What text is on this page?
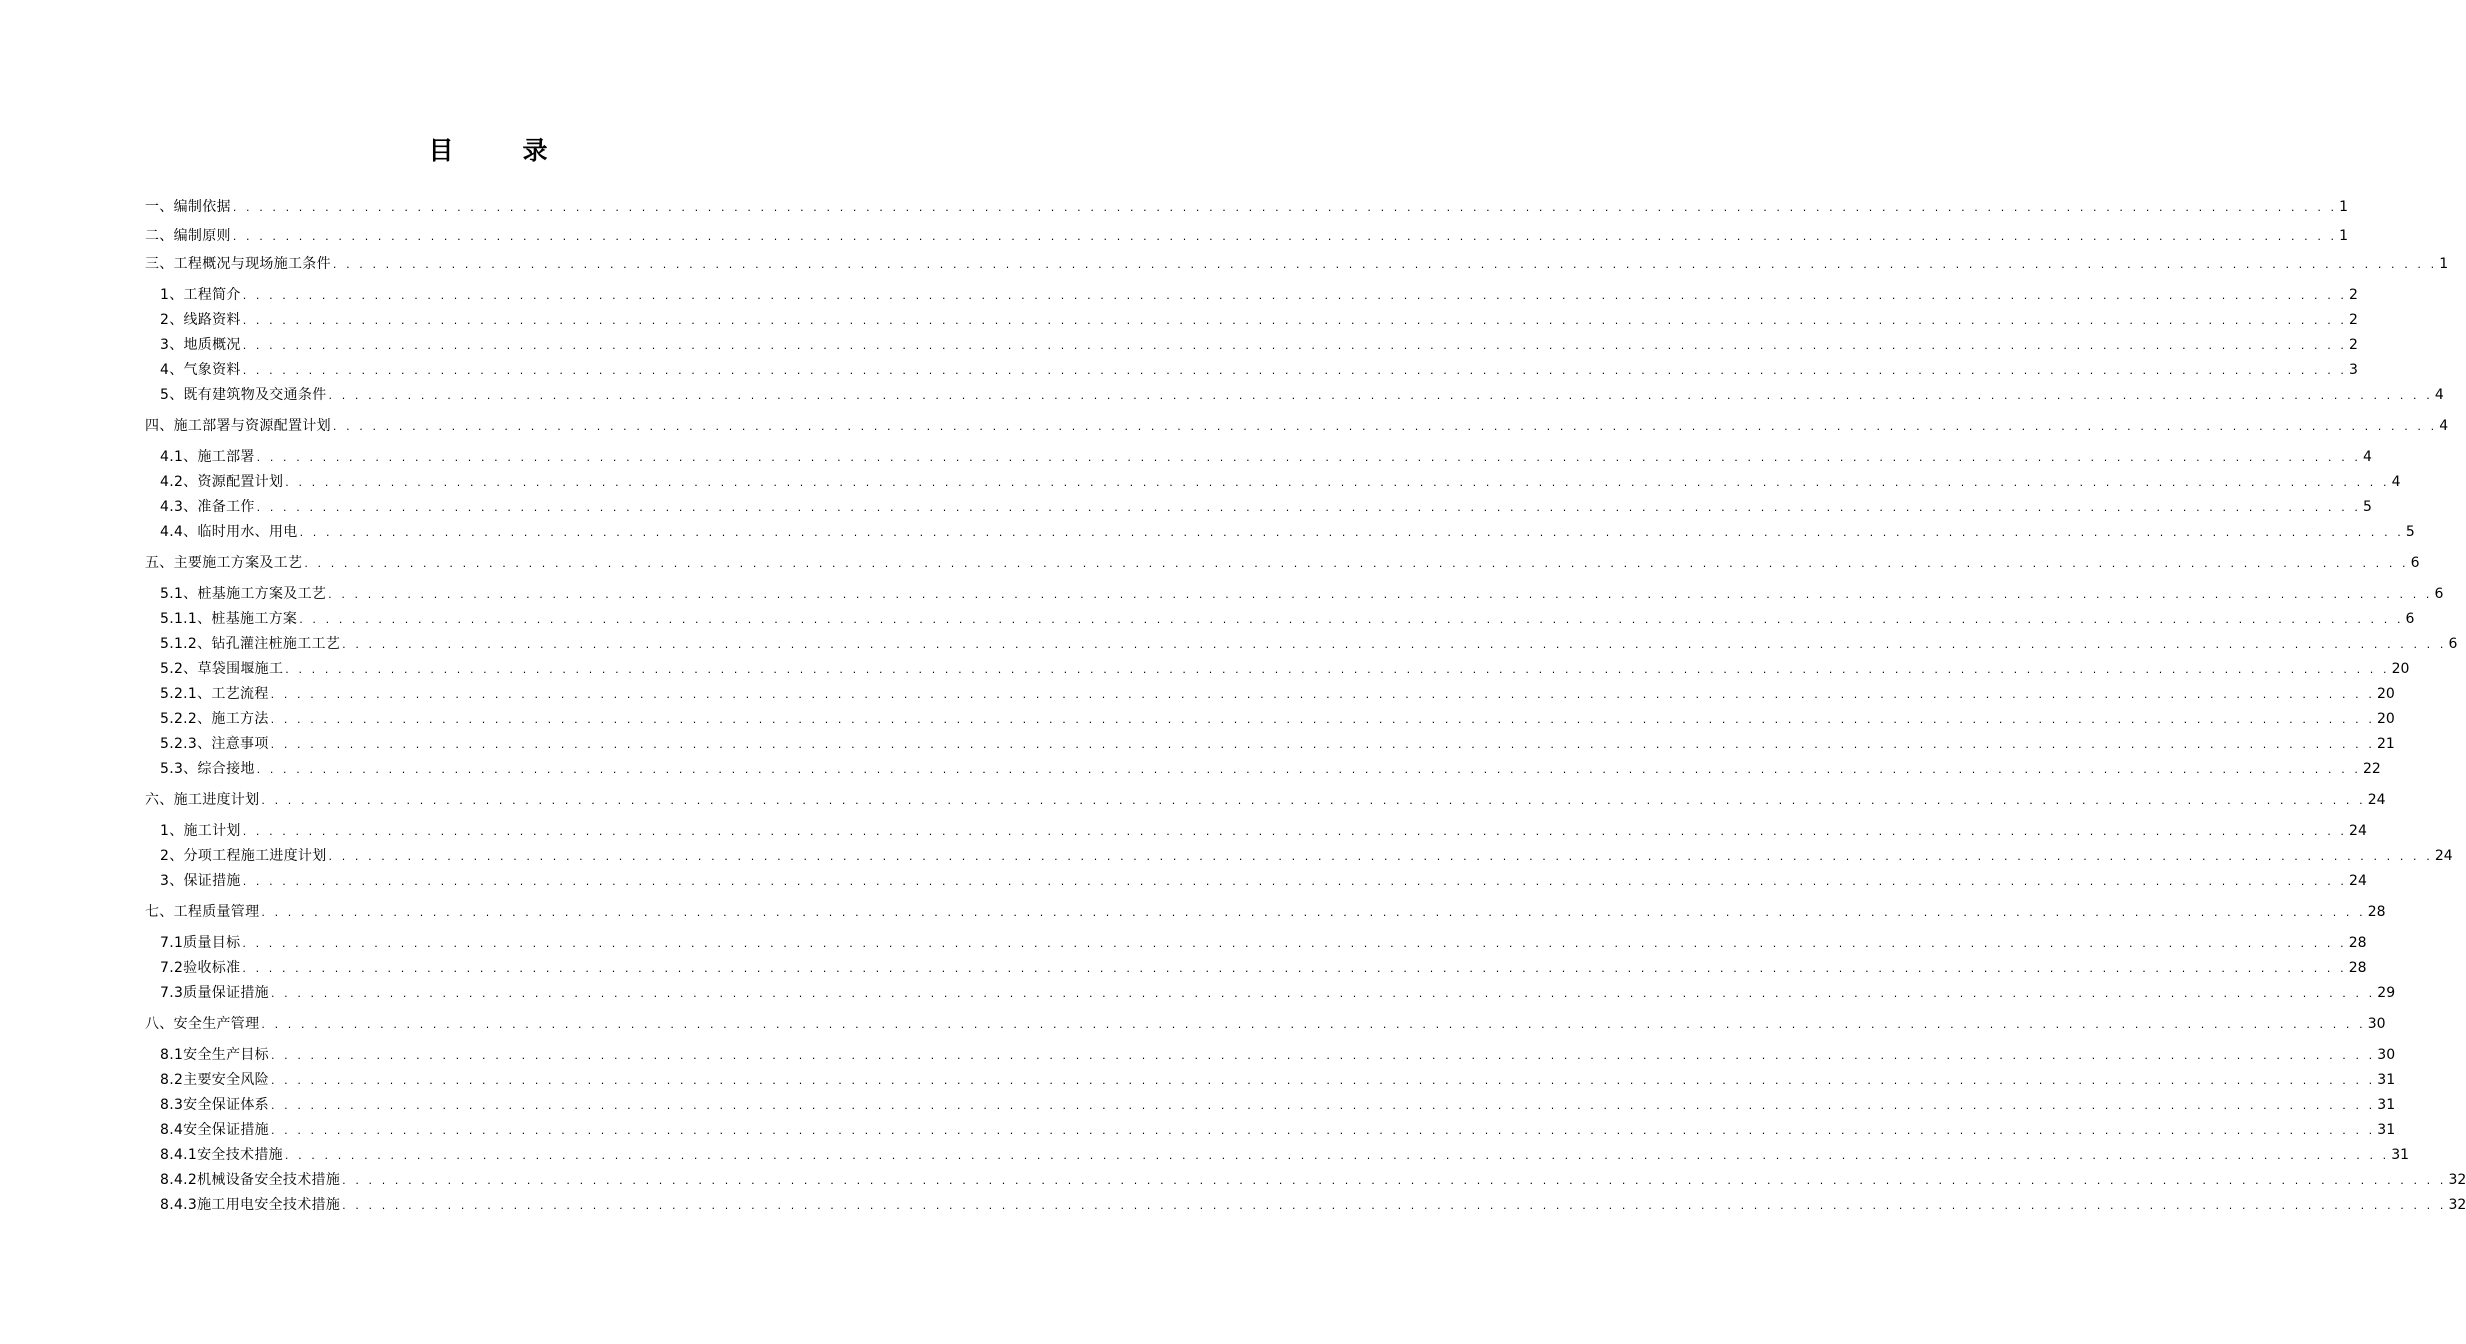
目　录
一、编制依据 . . . . . . . . . . . . . . . . . . . . . . . . . . . . . . . . . . . . . . . . . . . . . . . . . . . . . . . . . . . . . . . . . . . . . . . . . . . . . . . . . . . . . . . . . . . . . . . . . . . . . . . . . . . . . . . . . . . . . . . . . . . . . . . . . . . . . . . . . . . . . . . . . . . . . . . . . . . . . . . . 1
二、编制原则 . . . . . . . . . . . . . . . . . . . . . . . . . . . . . . . . . . . . . . . . . . . . . . . . . . . . . . . . . . . . . . . . . . . . . . . . . . . . . . . . . . . . . . . . . . . . . . . . . . . . . . . . . . . . . . . . . . . . . . . . . . . . . . . . . . . . . . . . . . . . . . . . . . . . . . . . . . . . . . . . 1
三、工程概况与现场施工条件 . . . . . . . . . . . . . . . . . . . . . . . . . . . . . . . . . . . . . . . . . . . . . . . . . . . . . . . . . . . . . . . . . . . . . . . . . . . . . . . . . . . . . . . . . . . . . . . . . . . . . . . . . . . . . . . . . . . . . . . . . . . . . . . . . . . . . . . . . . . . . . . . . . . . . . . . . . . . . . . . 1
1、工程简介 . . . . . . . . . . . . . . . . . . . . . . . . . . . . . . . . . . . . . . . . . . . . . . . . . . . . . . . . . . . . . . . . . . . . . . . . . . . . . . . . . . . . . . . . . . . . . . . . . . . . . . . . . . . . . . . . . . . . . . . . . . . . . . . . . . . . . . . . . . . . . . . . . . . . . . . . . . . . . . . . 2
2、线路资料 . . . . . . . . . . . . . . . . . . . . . . . . . . . . . . . . . . . . . . . . . . . . . . . . . . . . . . . . . . . . . . . . . . . . . . . . . . . . . . . . . . . . . . . . . . . . . . . . . . . . . . . . . . . . . . . . . . . . . . . . . . . . . . . . . . . . . . . . . . . . . . . . . . . . . . . . . . . . . . . . 2
3、地质概况 . . . . . . . . . . . . . . . . . . . . . . . . . . . . . . . . . . . . . . . . . . . . . . . . . . . . . . . . . . . . . . . . . . . . . . . . . . . . . . . . . . . . . . . . . . . . . . . . . . . . . . . . . . . . . . . . . . . . . . . . . . . . . . . . . . . . . . . . . . . . . . . . . . . . . . . . . . . . . . . . 2
4、气象资料 . . . . . . . . . . . . . . . . . . . . . . . . . . . . . . . . . . . . . . . . . . . . . . . . . . . . . . . . . . . . . . . . . . . . . . . . . . . . . . . . . . . . . . . . . . . . . . . . . . . . . . . . . . . . . . . . . . . . . . . . . . . . . . . . . . . . . . . . . . . . . . . . . . . . . . . . . . . . . . . . 3
5、既有建筑物及交通条件 . . . . . . . . . . . . . . . . . . . . . . . . . . . . . . . . . . . . . . . . . . . . . . . . . . . . . . . . . . . . . . . . . . . . . . . . . . . . . . . . . . . . . . . . . . . . . . . . . . . . . . . . . . . . . . . . . . . . . . . . . . . . . . . . . . . . . . . . . . . . . . . . . . . . . . . . . . . . . . . . 4
四、施工部署与资源配置计划 . . . . . . . . . . . . . . . . . . . . . . . . . . . . . . . . . . . . . . . . . . . . . . . . . . . . . . . . . . . . . . . . . . . . . . . . . . . . . . . . . . . . . . . . . . . . . . . . . . . . . . . . . . . . . . . . . . . . . . . . . . . . . . . . . . . . . . . . . . . . . . . . . . . . . . . . . . . . . . . . 4
4.1、施工部署 . . . . . . . . . . . . . . . . . . . . . . . . . . . . . . . . . . . . . . . . . . . . . . . . . . . . . . . . . . . . . . . . . . . . . . . . . . . . . . . . . . . . . . . . . . . . . . . . . . . . . . . . . . . . . . . . . . . . . . . . . . . . . . . . . . . . . . . . . . . . . . . . . . . . . . . . . . . . . . . . 4
4.2、资源配置计划 . . . . . . . . . . . . . . . . . . . . . . . . . . . . . . . . . . . . . . . . . . . . . . . . . . . . . . . . . . . . . . . . . . . . . . . . . . . . . . . . . . . . . . . . . . . . . . . . . . . . . . . . . . . . . . . . . . . . . . . . . . . . . . . . . . . . . . . . . . . . . . . . . . . . . . . . . . . . . . . . 4
4.3、准备工作 . . . . . . . . . . . . . . . . . . . . . . . . . . . . . . . . . . . . . . . . . . . . . . . . . . . . . . . . . . . . . . . . . . . . . . . . . . . . . . . . . . . . . . . . . . . . . . . . . . . . . . . . . . . . . . . . . . . . . . . . . . . . . . . . . . . . . . . . . . . . . . . . . . . . . . . . . . . . . . . . 5
4.4、临时用水、用电 . . . . . . . . . . . . . . . . . . . . . . . . . . . . . . . . . . . . . . . . . . . . . . . . . . . . . . . . . . . . . . . . . . . . . . . . . . . . . . . . . . . . . . . . . . . . . . . . . . . . . . . . . . . . . . . . . . . . . . . . . . . . . . . . . . . . . . . . . . . . . . . . . . . . . . . . . . . . . . . . 5
五、主要施工方案及工艺 . . . . . . . . . . . . . . . . . . . . . . . . . . . . . . . . . . . . . . . . . . . . . . . . . . . . . . . . . . . . . . . . . . . . . . . . . . . . . . . . . . . . . . . . . . . . . . . . . . . . . . . . . . . . . . . . . . . . . . . . . . . . . . . . . . . . . . . . . . . . . . . . . . . . . . . . . . . . . . . . 6
5.1、桩基施工方案及工艺 . . . . . . . . . . . . . . . . . . . . . . . . . . . . . . . . . . . . . . . . . . . . . . . . . . . . . . . . . . . . . . . . . . . . . . . . . . . . . . . . . . . . . . . . . . . . . . . . . . . . . . . . . . . . . . . . . . . . . . . . . . . . . . . . . . . . . . . . . . . . . . . . . . . . . . . . . . . . . . . . 6
5.1.1、桩基施工方案 . . . . . . . . . . . . . . . . . . . . . . . . . . . . . . . . . . . . . . . . . . . . . . . . . . . . . . . . . . . . . . . . . . . . . . . . . . . . . . . . . . . . . . . . . . . . . . . . . . . . . . . . . . . . . . . . . . . . . . . . . . . . . . . . . . . . . . . . . . . . . . . . . . . . . . . . . . . . . . . . 6
5.1.2、钻孔灌注桩施工工艺 . . . . . . . . . . . . . . . . . . . . . . . . . . . . . . . . . . . . . . . . . . . . . . . . . . . . . . . . . . . . . . . . . . . . . . . . . . . . . . . . . . . . . . . . . . . . . . . . . . . . . . . . . . . . . . . . . . . . . . . . . . . . . . . . . . . . . . . . . . . . . . . . . . . . . . . . . . . . . . . . 6
5.2、草袋围堰施工 . . . . . . . . . . . . . . . . . . . . . . . . . . . . . . . . . . . . . . . . . . . . . . . . . . . . . . . . . . . . . . . . . . . . . . . . . . . . . . . . . . . . . . . . . . . . . . . . . . . . . . . . . . . . . . . . . . . . . . . . . . . . . . . . . . . . . . . . . . . . . . . . . . . . . . . . . . . . . . . . 20
5.2.1、工艺流程 . . . . . . . . . . . . . . . . . . . . . . . . . . . . . . . . . . . . . . . . . . . . . . . . . . . . . . . . . . . . . . . . . . . . . . . . . . . . . . . . . . . . . . . . . . . . . . . . . . . . . . . . . . . . . . . . . . . . . . . . . . . . . . . . . . . . . . . . . . . . . . . . . . . . . . . . . . . . . . . . 20
5.2.2、施工方法 . . . . . . . . . . . . . . . . . . . . . . . . . . . . . . . . . . . . . . . . . . . . . . . . . . . . . . . . . . . . . . . . . . . . . . . . . . . . . . . . . . . . . . . . . . . . . . . . . . . . . . . . . . . . . . . . . . . . . . . . . . . . . . . . . . . . . . . . . . . . . . . . . . . . . . . . . . . . . . . . 20
5.2.3、注意事项 . . . . . . . . . . . . . . . . . . . . . . . . . . . . . . . . . . . . . . . . . . . . . . . . . . . . . . . . . . . . . . . . . . . . . . . . . . . . . . . . . . . . . . . . . . . . . . . . . . . . . . . . . . . . . . . . . . . . . . . . . . . . . . . . . . . . . . . . . . . . . . . . . . . . . . . . . . . . . . . . 21
5.3、综合接地 . . . . . . . . . . . . . . . . . . . . . . . . . . . . . . . . . . . . . . . . . . . . . . . . . . . . . . . . . . . . . . . . . . . . . . . . . . . . . . . . . . . . . . . . . . . . . . . . . . . . . . . . . . . . . . . . . . . . . . . . . . . . . . . . . . . . . . . . . . . . . . . . . . . . . . . . . . . . . . . . 22
六、施工进度计划 . . . . . . . . . . . . . . . . . . . . . . . . . . . . . . . . . . . . . . . . . . . . . . . . . . . . . . . . . . . . . . . . . . . . . . . . . . . . . . . . . . . . . . . . . . . . . . . . . . . . . . . . . . . . . . . . . . . . . . . . . . . . . . . . . . . . . . . . . . . . . . . . . . . . . . . . . . . . . . . . 24
1、施工计划 . . . . . . . . . . . . . . . . . . . . . . . . . . . . . . . . . . . . . . . . . . . . . . . . . . . . . . . . . . . . . . . . . . . . . . . . . . . . . . . . . . . . . . . . . . . . . . . . . . . . . . . . . . . . . . . . . . . . . . . . . . . . . . . . . . . . . . . . . . . . . . . . . . . . . . . . . . . . . . . . 24
2、分项工程施工进度计划 . . . . . . . . . . . . . . . . . . . . . . . . . . . . . . . . . . . . . . . . . . . . . . . . . . . . . . . . . . . . . . . . . . . . . . . . . . . . . . . . . . . . . . . . . . . . . . . . . . . . . . . . . . . . . . . . . . . . . . . . . . . . . . . . . . . . . . . . . . . . . . . . . . . . . . . . . . . . . . . . 24
3、保证措施 . . . . . . . . . . . . . . . . . . . . . . . . . . . . . . . . . . . . . . . . . . . . . . . . . . . . . . . . . . . . . . . . . . . . . . . . . . . . . . . . . . . . . . . . . . . . . . . . . . . . . . . . . . . . . . . . . . . . . . . . . . . . . . . . . . . . . . . . . . . . . . . . . . . . . . . . . . . . . . . . 24
七、工程质量管理 . . . . . . . . . . . . . . . . . . . . . . . . . . . . . . . . . . . . . . . . . . . . . . . . . . . . . . . . . . . . . . . . . . . . . . . . . . . . . . . . . . . . . . . . . . . . . . . . . . . . . . . . . . . . . . . . . . . . . . . . . . . . . . . . . . . . . . . . . . . . . . . . . . . . . . . . . . . . . . . . 28
7.1质量目标 . . . . . . . . . . . . . . . . . . . . . . . . . . . . . . . . . . . . . . . . . . . . . . . . . . . . . . . . . . . . . . . . . . . . . . . . . . . . . . . . . . . . . . . . . . . . . . . . . . . . . . . . . . . . . . . . . . . . . . . . . . . . . . . . . . . . . . . . . . . . . . . . . . . . . . . . . . . . . . . . 28
7.2验收标准 . . . . . . . . . . . . . . . . . . . . . . . . . . . . . . . . . . . . . . . . . . . . . . . . . . . . . . . . . . . . . . . . . . . . . . . . . . . . . . . . . . . . . . . . . . . . . . . . . . . . . . . . . . . . . . . . . . . . . . . . . . . . . . . . . . . . . . . . . . . . . . . . . . . . . . . . . . . . . . . . 28
7.3质量保证措施 . . . . . . . . . . . . . . . . . . . . . . . . . . . . . . . . . . . . . . . . . . . . . . . . . . . . . . . . . . . . . . . . . . . . . . . . . . . . . . . . . . . . . . . . . . . . . . . . . . . . . . . . . . . . . . . . . . . . . . . . . . . . . . . . . . . . . . . . . . . . . . . . . . . . . . . . . . . . . . . . 29
八、安全生产管理 . . . . . . . . . . . . . . . . . . . . . . . . . . . . . . . . . . . . . . . . . . . . . . . . . . . . . . . . . . . . . . . . . . . . . . . . . . . . . . . . . . . . . . . . . . . . . . . . . . . . . . . . . . . . . . . . . . . . . . . . . . . . . . . . . . . . . . . . . . . . . . . . . . . . . . . . . . . . . . . . 30
8.1安全生产目标 . . . . . . . . . . . . . . . . . . . . . . . . . . . . . . . . . . . . . . . . . . . . . . . . . . . . . . . . . . . . . . . . . . . . . . . . . . . . . . . . . . . . . . . . . . . . . . . . . . . . . . . . . . . . . . . . . . . . . . . . . . . . . . . . . . . . . . . . . . . . . . . . . . . . . . . . . . . . . . . . 30
8.2主要安全风险 . . . . . . . . . . . . . . . . . . . . . . . . . . . . . . . . . . . . . . . . . . . . . . . . . . . . . . . . . . . . . . . . . . . . . . . . . . . . . . . . . . . . . . . . . . . . . . . . . . . . . . . . . . . . . . . . . . . . . . . . . . . . . . . . . . . . . . . . . . . . . . . . . . . . . . . . . . . . . . . . 31
8.3安全保证体系 . . . . . . . . . . . . . . . . . . . . . . . . . . . . . . . . . . . . . . . . . . . . . . . . . . . . . . . . . . . . . . . . . . . . . . . . . . . . . . . . . . . . . . . . . . . . . . . . . . . . . . . . . . . . . . . . . . . . . . . . . . . . . . . . . . . . . . . . . . . . . . . . . . . . . . . . . . . . . . . . 31
8.4安全保证措施 . . . . . . . . . . . . . . . . . . . . . . . . . . . . . . . . . . . . . . . . . . . . . . . . . . . . . . . . . . . . . . . . . . . . . . . . . . . . . . . . . . . . . . . . . . . . . . . . . . . . . . . . . . . . . . . . . . . . . . . . . . . . . . . . . . . . . . . . . . . . . . . . . . . . . . . . . . . . . . . . 31
8.4.1安全技术措施 . . . . . . . . . . . . . . . . . . . . . . . . . . . . . . . . . . . . . . . . . . . . . . . . . . . . . . . . . . . . . . . . . . . . . . . . . . . . . . . . . . . . . . . . . . . . . . . . . . . . . . . . . . . . . . . . . . . . . . . . . . . . . . . . . . . . . . . . . . . . . . . . . . . . . . . . . . . . . . . . 31
8.4.2机械设备安全技术措施 . . . . . . . . . . . . . . . . . . . . . . . . . . . . . . . . . . . . . . . . . . . . . . . . . . . . . . . . . . . . . . . . . . . . . . . . . . . . . . . . . . . . . . . . . . . . . . . . . . . . . . . . . . . . . . . . . . . . . . . . . . . . . . . . . . . . . . . . . . . . . . . . . . . . . . . . . . . . . . . . 32
8.4.3施工用电安全技术措施 . . . . . . . . . . . . . . . . . . . . . . . . . . . . . . . . . . . . . . . . . . . . . . . . . . . . . . . . . . . . . . . . . . . . . . . . . . . . . . . . . . . . . . . . . . . . . . . . . . . . . . . . . . . . . . . . . . . . . . . . . . . . . . . . . . . . . . . . . . . . . . . . . . . . . . . . . . . . . . . . 32
